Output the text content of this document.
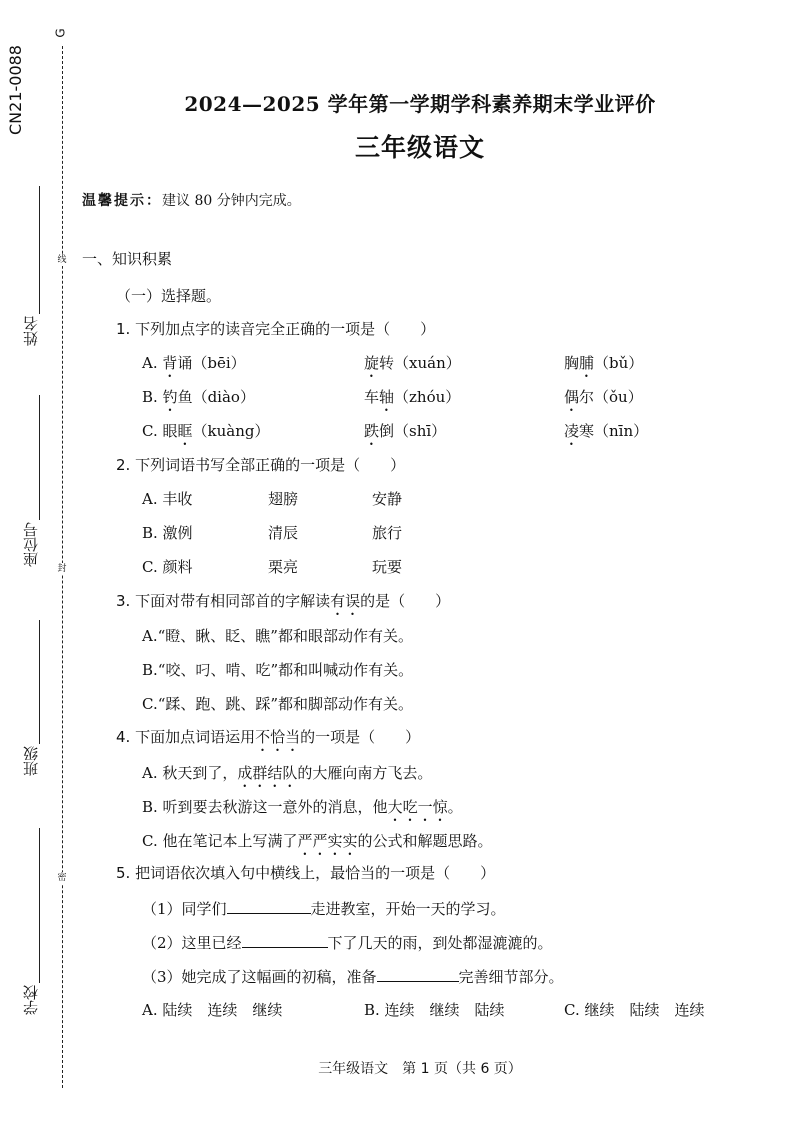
CN21-0088
G
线
封
密
姓名
座位号
班级
学校
2024—2025 学年第一学期学科素养期末学业评价
三年级语文
温馨提示：建议 80 分钟内完成。
一、知识积累
（一）选择题。
1. 下列加点字的读音完全正确的一项是（　　）
A. 背诵（bēi）	旋转（xuán）	胸脯（bǔ）
B. 钓鱼（diào）	车轴（zhóu）	偶尔（ǒu）
C. 眼眶（kuàng）	跌倒（shī）	凌寒（nīn）
2. 下列词语书写全部正确的一项是（　　）
A. 丰收	翅膀	安静
B. 激例	清辰	旅行
C. 颜料	栗亮	玩要
3. 下面对带有相同部首的字解读有误的是（　　）
A.“瞪、瞅、眨、瞧”都和眼部动作有关。
B.“咬、叼、啃、吃”都和叫喊动作有关。
C.“蹂、跑、跳、踩”都和脚部动作有关。
4. 下面加点词语运用不恰当的一项是（　　）
A. 秋天到了，成群结队的大雁向南方飞去。
B. 听到要去秋游这一意外的消息，他大吃一惊。
C. 他在笔记本上写满了严严实实的公式和解题思路。
5. 把词语依次填入句中横线上，最恰当的一项是（　　）
（1）同学们	走进教室，开始一天的学习。
（2）这里已经	下了几天的雨，到处都湿漉漉的。
（3）她完成了这幅画的初稿，准备	完善细节部分。
A. 陆续　连续　继续	B. 连续　继续　陆续	C. 继续　陆续　连续
三年级语文　第 1 页（共 6 页）
